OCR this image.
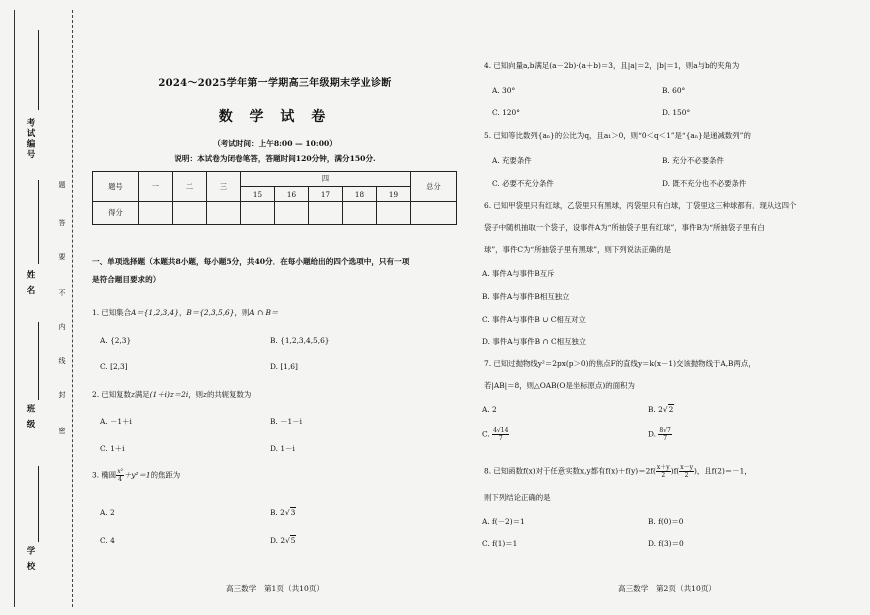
考试编号
姓 名
班 级
学 校
题
答
要
不
内
线
封
密
2024～2025学年第一学期高三年级期末学业诊断
数 学 试 卷
（考试时间：上午8:00 — 10:00）
说明：本试卷为闭卷笔答，答题时间120分钟，满分150分.
题号	一	二	三	四					总分
				15	16	17	18	19	
得分									
一、单项选择题（本题共8小题，每小题5分，共40分．在每小题给出的四个选项中，只有一项
是符合题目要求的）
1. 已知集合A＝{1,2,3,4}，B＝{2,3,5,6}，则A ∩ B＝
A. {2,3}	B. {1,2,3,4,5,6}
C. [2,3]	D. [1,6]
2. 已知复数z满足(1＋i)z＝2i，则z的共轭复数为
A. －1＋i	B. －1－i
C. 1＋i	D. 1－i
3. 椭圆 $\frac{\text{x²}}{4} +y^2=1$的焦距为
A. 2	B. 2√3
C. 4	D. 2√5
高三数学　第1页（共10页）
4. 已知向量a,b满足(a－2b)·(a＋b)＝3，且|a|＝2，|b|＝1，则a与b的夹角为
A. 30°	B. 60°
C. 120°	D. 150°
5. 已知等比数列{aₙ}的公比为q，且a₁＞0，则“0＜q＜1”是“{aₙ}是递减数列”的
A. 充要条件	B. 充分不必要条件
C. 必要不充分条件	D. 既不充分也不必要条件
6. 已知甲袋里只有红球，乙袋里只有黑球，丙袋里只有白球，丁袋里这三种球都有．现从这四个
袋子中随机抽取一个袋子，设事件A为“所抽袋子里有红球”，事件B为“所抽袋子里有白
球”，事件C为“所抽袋子里有黑球”，则下列说法正确的是
A. 事件A与事件B互斥
B. 事件A与事件B相互独立
C. 事件A与事件B ∪ C相互对立
D. 事件A与事件B ∩ C相互独立
7. 已知过抛物线y²＝2px(p＞0)的焦点F的直线y＝k(x－1)交该抛物线于A,B两点，
若|AB|＝8，则△OAB(O是坐标原点)的面积为
A. 2	B. 2√2
C. $\frac{4√14}{7}$	D. $\frac{8√7}{7}$
8. 已知函数f(x)对于任意实数x,y都有$f(x)+f(y)=2f( \frac{x+y}{2} )f( \frac{x-y}{2}$ )，且f(2)＝－1，
则下列结论正确的是
A. f(－2)＝1	B. f(0)＝0
C. f(1)＝1	D. f(3)＝0
高三数学　第2页（共10页）
